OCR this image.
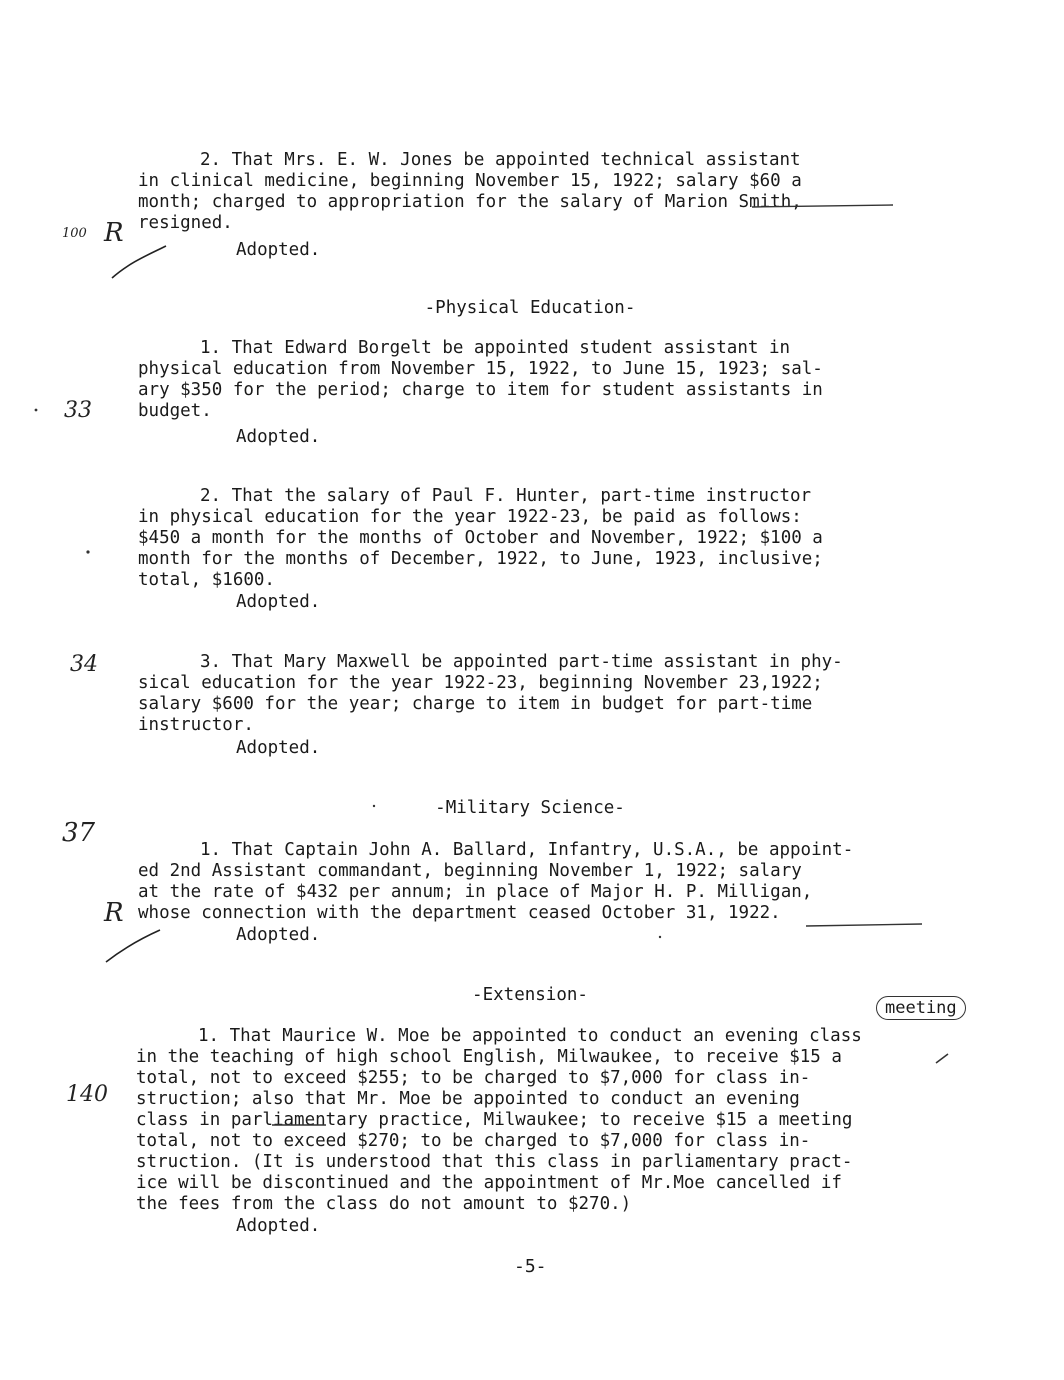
2. That Mrs. E. W. Jones be appointed technical assistant
in clinical medicine, beginning November 15, 1922; salary $60 a
month; charged to appropriation for the salary of Marion Smith,
resigned.
Adopted.
-Physical Education-
1. That Edward Borgelt be appointed student assistant in
physical education from November 15, 1922, to June 15, 1923; sal-
ary $350 for the period; charge to item for student assistants in
budget.
Adopted.
2. That the salary of Paul F. Hunter, part-time instructor
in physical education for the year 1922-23, be paid as follows:
$450 a month for the months of October and November, 1922; $100 a
month for the months of December, 1922, to June, 1923, inclusive;
total, $1600.
Adopted.
3. That Mary Maxwell be appointed part-time assistant in phy-
sical education for the year 1922-23, beginning November 23,1922;
salary $600 for the year; charge to item in budget for part-time
instructor.
Adopted.
-Military Science-
1. That Captain John A. Ballard, Infantry, U.S.A., be appoint-
ed 2nd Assistant commandant, beginning November 1, 1922; salary
at the rate of $432 per annum; in place of Major H. P. Milligan,
whose connection with the department ceased October 31, 1922.
Adopted.
-Extension-
meeting
1. That Maurice W. Moe be appointed to conduct an evening class
in the teaching of high school English, Milwaukee, to receive $15 a
total, not to exceed $255; to be charged to $7,000 for class in-
struction; also that Mr. Moe be appointed to conduct an evening
class in parliamentary practice, Milwaukee; to receive $15 a meeting
total, not to exceed $270; to be charged to $7,000 for class in-
struction. (It is understood that this class in parliamentary pract-
ice will be discontinued and the appointment of Mr.Moe cancelled if
the fees from the class do not amount to $270.)
Adopted.
-5-
100 R
33
34
37
R
140
